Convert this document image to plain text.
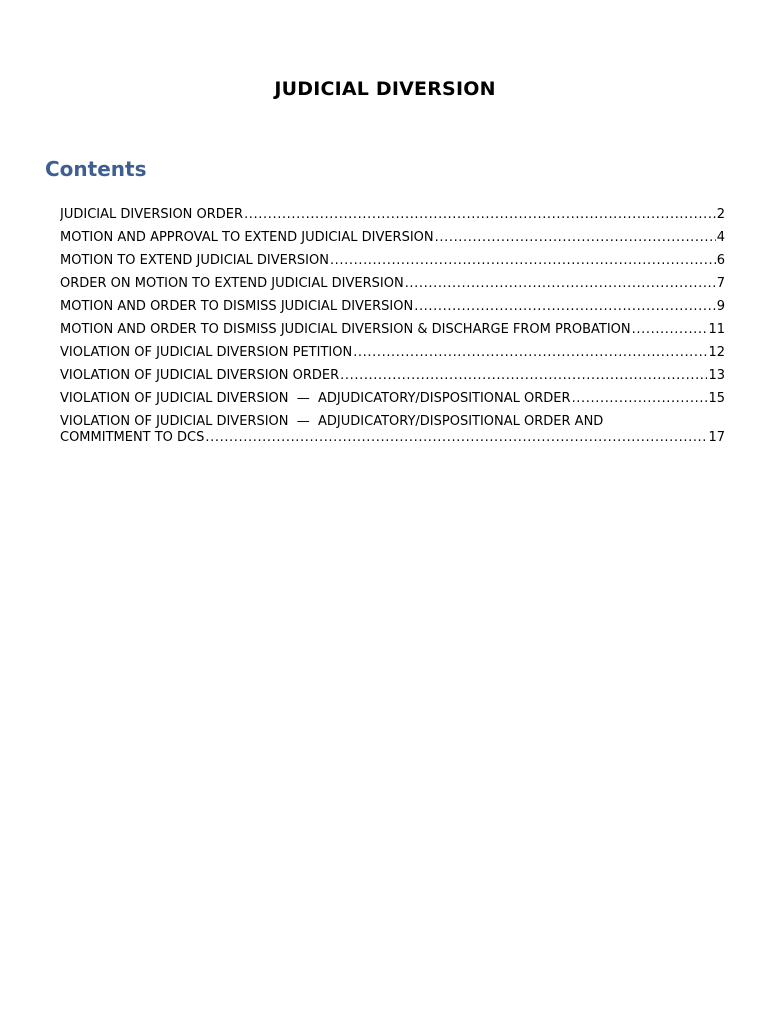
JUDICIAL DIVERSION
Contents
JUDICIAL DIVERSION ORDER .....	2
MOTION AND APPROVAL TO EXTEND JUDICIAL DIVERSION .....	4
MOTION TO EXTEND JUDICIAL DIVERSION .....	6
ORDER ON MOTION TO EXTEND JUDICIAL DIVERSION .....	7
MOTION AND ORDER TO DISMISS JUDICIAL DIVERSION .....	9
MOTION AND ORDER TO DISMISS JUDICIAL DIVERSION & DISCHARGE FROM PROBATION .....	11
VIOLATION OF JUDICIAL DIVERSION PETITION .....	12
VIOLATION OF JUDICIAL DIVERSION ORDER .....	13
VIOLATION OF JUDICIAL DIVERSION  —  ADJUDICATORY/DISPOSITIONAL ORDER .....	15
VIOLATION OF JUDICIAL DIVERSION  —  ADJUDICATORY/DISPOSITIONAL ORDER AND
COMMITMENT TO DCS .....	17
